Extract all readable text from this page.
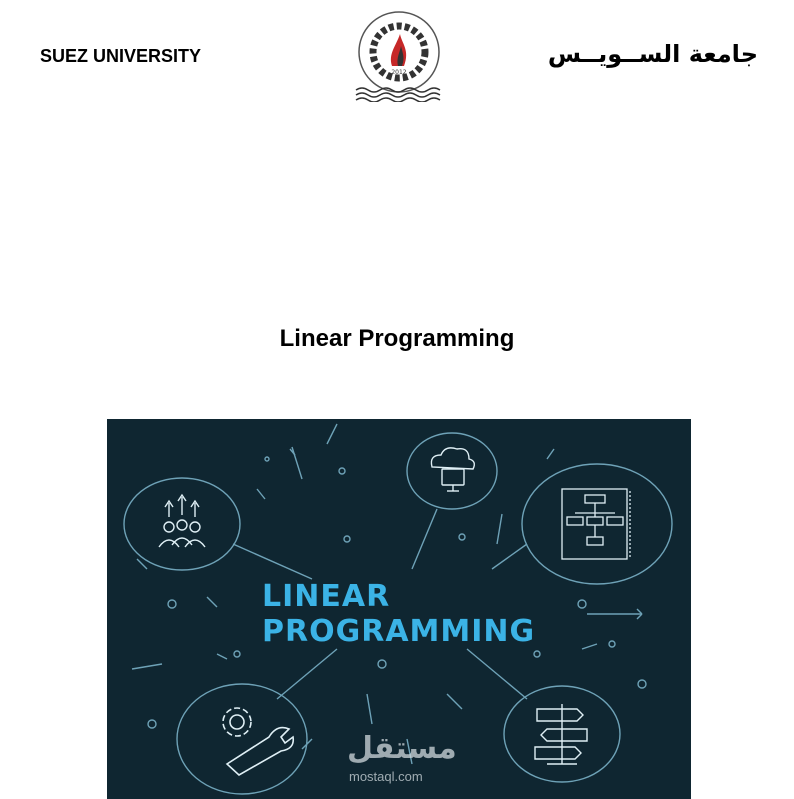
SUEZ UNIVERSITY
2012
جامعة الســويــس
Linear Programming
LINEAR
PROGRAMMING
مستقل
mostaql.com
